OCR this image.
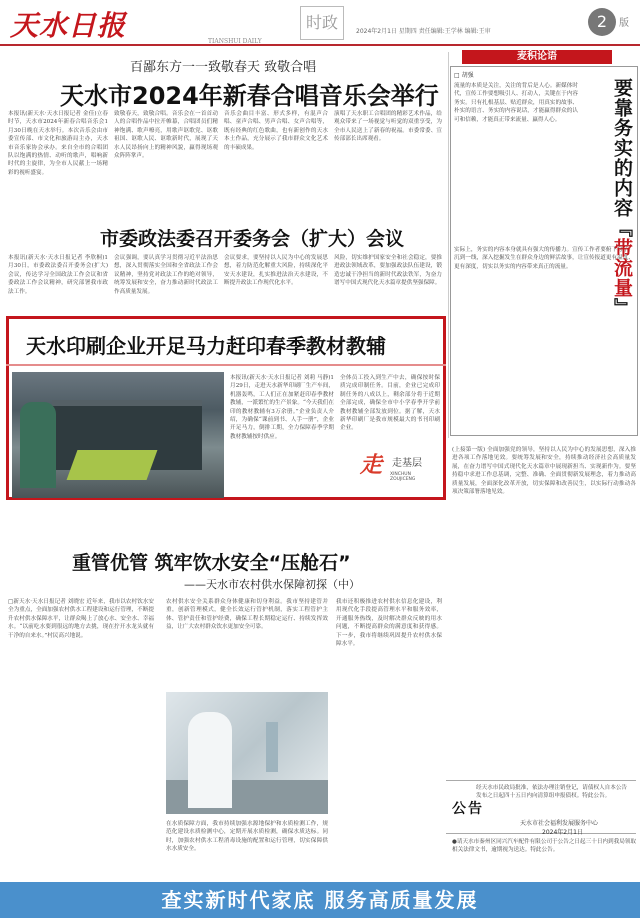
天水日报	TIANSHUI DAILY
时政	2024年2月1日 星期四 责任编辑:王学林 编辑:王审
2	版
百鄙东方一一致敬春天 致敬合唱
天水市2024年新春合唱音乐会举行
本报讯(新天水·天水日报记者 金佳)立春时节，天水市2024年新春合唱音乐会1月30日晚在天水举行。本次音乐会由市委宣传部、市文化和旅游局主办，天水市音乐家协会承办。来自全市的合唱团队以饱满的热情、动听的歌声，唱响新时代的主旋律，为全市人民献上一场精彩的视听盛宴。
致敬春天，致敬合唱。音乐会在一首首动人的合唱作品中拉开帷幕，合唱团员们精神饱满、歌声嘹亮，用歌声讴歌党、讴歌祖国、讴歌人民、讴歌新时代，展现了天水人民昂扬向上的精神风貌，赢得现场观众阵阵掌声。
音乐会曲目丰富、形式多样，有混声合唱、童声合唱、男声合唱、女声合唱等，既有经典的红色歌曲，也有新创作的天水本土作品，充分展示了我市群众文化艺术的丰硕成果。
演唱了天水职工合唱团的精彩艺术作品，给观众带来了一场视觉与听觉的双重享受，为全市人民送上了新春的祝福。市委常委、宣传部部长出席观看。
市委政法委召开委务会（扩大）会议
本报讯(新天水·天水日报记者 李欣桐)1月30日，市委政法委召开委务会(扩大)会议，传达学习全国政法工作会议和省委政法工作会议精神，研究部署我市政法工作。
会议强调，要认真学习贯彻习近平法治思想，深入贯彻落实全国和全省政法工作会议精神，坚持党对政法工作的绝对领导，统筹发展和安全，奋力推动新时代政法工作高质量发展。
会议要求，要坚持以人民为中心的发展思想，着力防范化解重大风险，持续深化平安天水建设，扎实推进法治天水建设，不断提升政法工作现代化水平。
风险，切实维护国家安全和社会稳定，要推进政法领域改革，要加强政法队伍建设，锻造忠诚干净担当的新时代政法铁军，为奋力谱写中国式现代化天水篇章提供坚强保障。
天水印刷企业开足马力赶印春季教材教辅
本报讯(新天水·天水日报记者 刘莉 马静)1月29日，走进天水新华印刷厂生产车间，机器轰鸣，工人们正在加紧赶印春季教材教辅，一派繁忙的生产景象。“今天我们在印的教材教辅有3万余册。”企业负责人介绍，为确保“课前到书、人手一册”，企业开足马力，倒排工期，全力保障春季学期教材教辅按时供应。
全体员工投入到生产中去，确保按时保质完成印制任务。目前，企业已完成印制任务的八成以上，剩余部分将于近期全部完成，确保全市中小学春季开学前教材教辅全部发放到位。据了解，天水新华印刷厂是我市规模最大的书刊印刷企业。
走 走基层
XINCHUN ZOUJICENG
重管优管 筑牢饮水安全“压舱石”
——天水市农村供水保障初探（中）
□新天水·天水日报记者 刘晓宏 近年来，我市以农村饮水安全为重点，全面加强农村供水工程建设和运行管理，不断提升农村供水保障水平，让群众喝上了放心水、安全水、幸福水。“以前吃水要到很远的地方去挑，现在拧开水龙头就有干净的自来水。”村民高兴地说。
农村供水安全关系群众身体健康和切身利益。我市坚持建管并重，创新管理模式，健全长效运行管护机制，落实工程管护主体、管护责任和管护经费，确保工程长期稳定运行、持续发挥效益，让广大农村群众饮水更加安全可靠。
在水质保障方面，我市持续加强水源地保护和水质检测工作，规范化建设水质检测中心，定期开展水质检测，确保水质达标。同时，加强农村供水工程消毒设施的配置和运行管理，切实保障供水水质安全。
我市还积极推进农村供水信息化建设，利用现代化手段提高管理水平和服务效率，开通服务热线，及时解决群众反映的用水问题，不断提高群众的满意度和获得感。下一步，我市将继续巩固提升农村供水保障水平。
麦积论语
□ 胡强
流量的本质是关注，关注的背后是人心。新媒体时代，宣传工作要想吸引人、打动人，关键在于内容务实。只有扎根基层、贴近群众，用真实的故事、朴实的语言、务实的内容说话，才能赢得群众的认可和信赖，才能真正带来流量、赢得人心。
实际上，务实的内容本身就具有强大的传播力。宣传工作者要俯下身子、沉到一线，深入挖掘发生在群众身边的鲜活故事，让宣传报道更有温度、更有深度，切实以务实的内容带来真正的流量。
要靠务实的内容『带流量』
(上接第一版) 全面加强党的领导，坚持以人民为中心的发展思想，深入推进各项工作落地见效。要统筹发展和安全，持续推动经济社会高质量发展，在奋力谱写中国式现代化天水篇章中展现新担当、实现新作为。要坚持稳中求进工作总基调，完整、准确、全面贯彻新发展理念，着力推动高质量发展，全面深化改革开放，切实保障和改善民生，以实际行动推动各项决策部署落地见效。
公告
经天水市民政局批准，依法办理注销登记，请债权人自本公告发布之日起四十五日内向清算组申报债权。特此公告。
天水市社会福利发展服务中心
2024年2月1日
●请天水市秦州区同兴汽车配件有限公司于公告之日起三十日内到我局领取相关法律文书，逾期视为送达。特此公告。
查实新时代家底 服务高质量发展
